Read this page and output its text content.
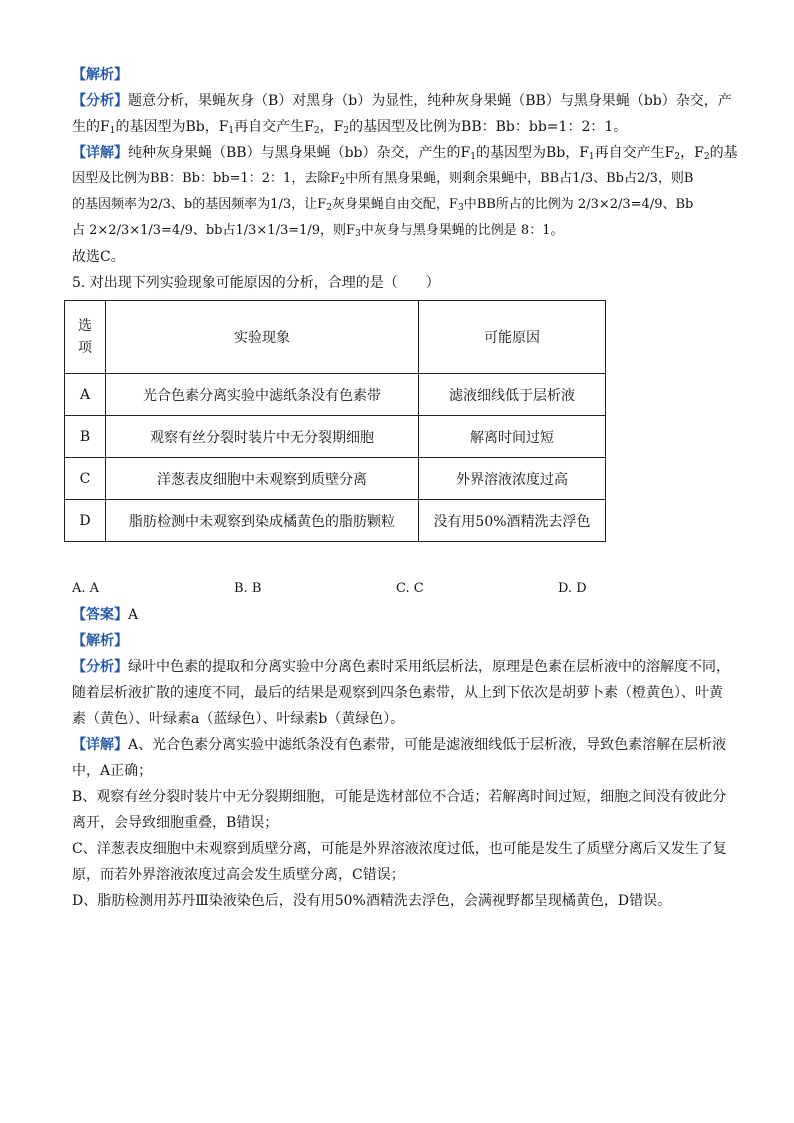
【解析】
【分析】题意分析，果蝇灰身（B）对黑身（b）为显性，纯种灰身果蝇（BB）与黑身果蝇（bb）杂交，产
生的$F_1$的基因型为Bb，$F_1$再自交产生$F_2$，$F_2$的基因型及比例为BB：Bb：bb=1：2：1。
【详解】纯种灰身果蝇（BB）与黑身果蝇（bb）杂交，产生的$F_1$的基因型为Bb，$F_1$再自交产生$F_2$，$F_2$的基
因型及比例为BB：Bb：bb=1：2：1，去除$F_2$中所有黑身果蝇，则剩余果蝇中，BB占1/3、Bb占2/3，则B
的基因频率为2/3、b的基因频率为1/3，让$F_2$灰身果蝇自由交配，$F_3$中BB所占的比例为 2/3×2/3=4/9、Bb
占 2×2/3×1/3=4/9、bb占1/3×1/3=1/9，则$F_3$中灰身与黑身果蝇的比例是 8：1。
故选C。
5. 对出现下列实验现象可能原因的分析，合理的是（　　）
选
项	实验现象	可能原因
A	光合色素分离实验中滤纸条没有色素带	滤液细线低于层析液
B	观察有丝分裂时装片中无分裂期细胞	解离时间过短
C	洋葱表皮细胞中未观察到质壁分离	外界溶液浓度过高
D	脂肪检测中未观察到染成橘黄色的脂肪颗粒	没有用50%酒精洗去浮色
A. A	B. B	C. C	D. D
【答案】A
【解析】
【分析】绿叶中色素的提取和分离实验中分离色素时采用纸层析法，原理是色素在层析液中的溶解度不同，
随着层析液扩散的速度不同，最后的结果是观察到四条色素带，从上到下依次是胡萝卜素（橙黄色）、叶黄
素（黄色）、叶绿素a（蓝绿色）、叶绿素b（黄绿色）。
【详解】A、光合色素分离实验中滤纸条没有色素带，可能是滤液细线低于层析液，导致色素溶解在层析液
中，A正确；
B、观察有丝分裂时装片中无分裂期细胞，可能是选材部位不合适；若解离时间过短，细胞之间没有彼此分
离开，会导致细胞重叠，B错误；
C、洋葱表皮细胞中未观察到质壁分离，可能是外界溶液浓度过低，也可能是发生了质壁分离后又发生了复
原，而若外界溶液浓度过高会发生质壁分离，C错误；
D、脂肪检测用苏丹Ⅲ染液染色后，没有用50%酒精洗去浮色，会满视野都呈现橘黄色，D错误。
